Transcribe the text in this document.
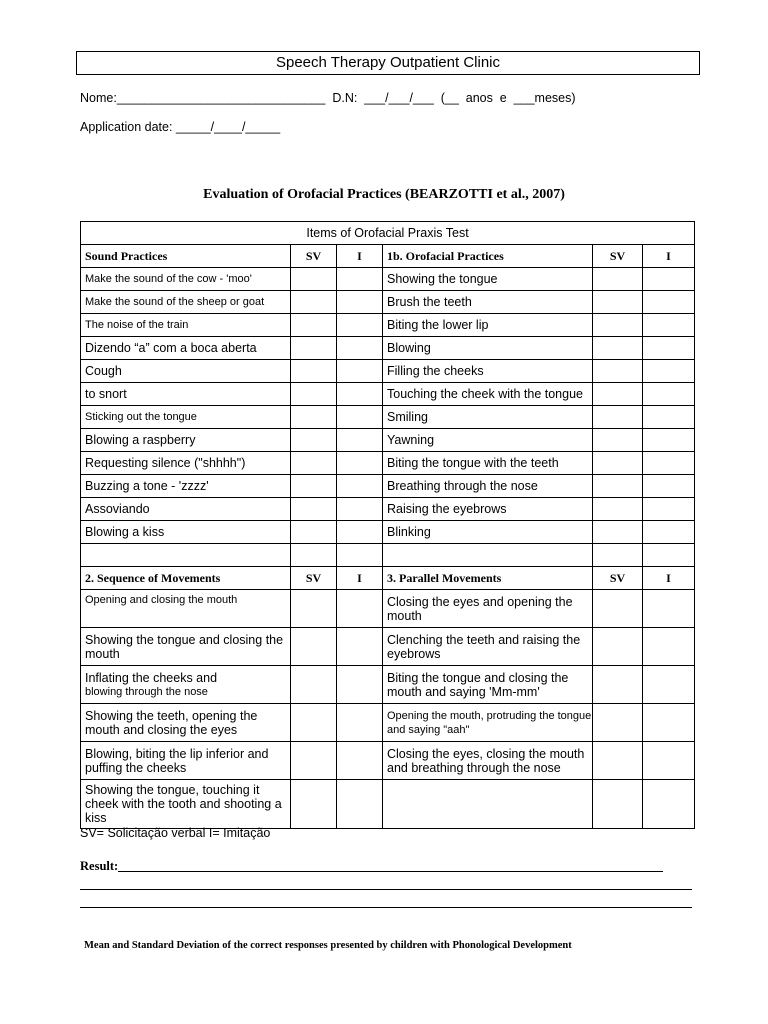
Speech Therapy Outpatient Clinic
Nome:______________________________  D.N:  ___/___/___  (__  anos  e  ___meses)
Application date: _____/____/_____
Evaluation of Orofacial Practices (BEARZOTTI et al., 2007)
Items of Orofacial Praxis Test					
Sound Practices	SV	I	1b. Orofacial Practices	SV	I
Make the sound of the cow - 'moo'			Showing the tongue		
Make the sound of the sheep or goat			Brush the teeth		
The noise of the train			Biting the lower lip		
Dizendo “a” com a boca aberta			Blowing		
Cough			Filling the cheeks		
to snort			Touching the cheek with the tongue		
Sticking out the tongue			Smiling		
Blowing a raspberry			Yawning		
Requesting silence ("shhhh")			Biting the tongue with the teeth		
Buzzing a tone - 'zzzz'			Breathing through the nose		
Assoviando			Raising the eyebrows		
Blowing a kiss			Blinking		

2. Sequence of Movements	SV	I	3. Parallel Movements	SV	I
Opening and closing the mouth			Closing the eyes and opening the mouth		
Showing the tongue and closing the mouth			Clenching the teeth and raising the eyebrows		

Inflating the cheeks and
blowing through the nose			Biting the tongue and closing the mouth and saying 'Mm-mm'		
Showing the teeth, opening the mouth and closing the eyes			Opening the mouth, protruding the tongue and saying "aah"		
Blowing, biting the lip inferior and puffing the cheeks			Closing the eyes, closing the mouth and breathing through the nose		
Showing the tongue, touching it cheek with the tooth and shooting a kiss					
SV= Solicitação verbal I= Imitação
Result:
Mean and Standard Deviation of the correct responses presented by children with Phonological Development
